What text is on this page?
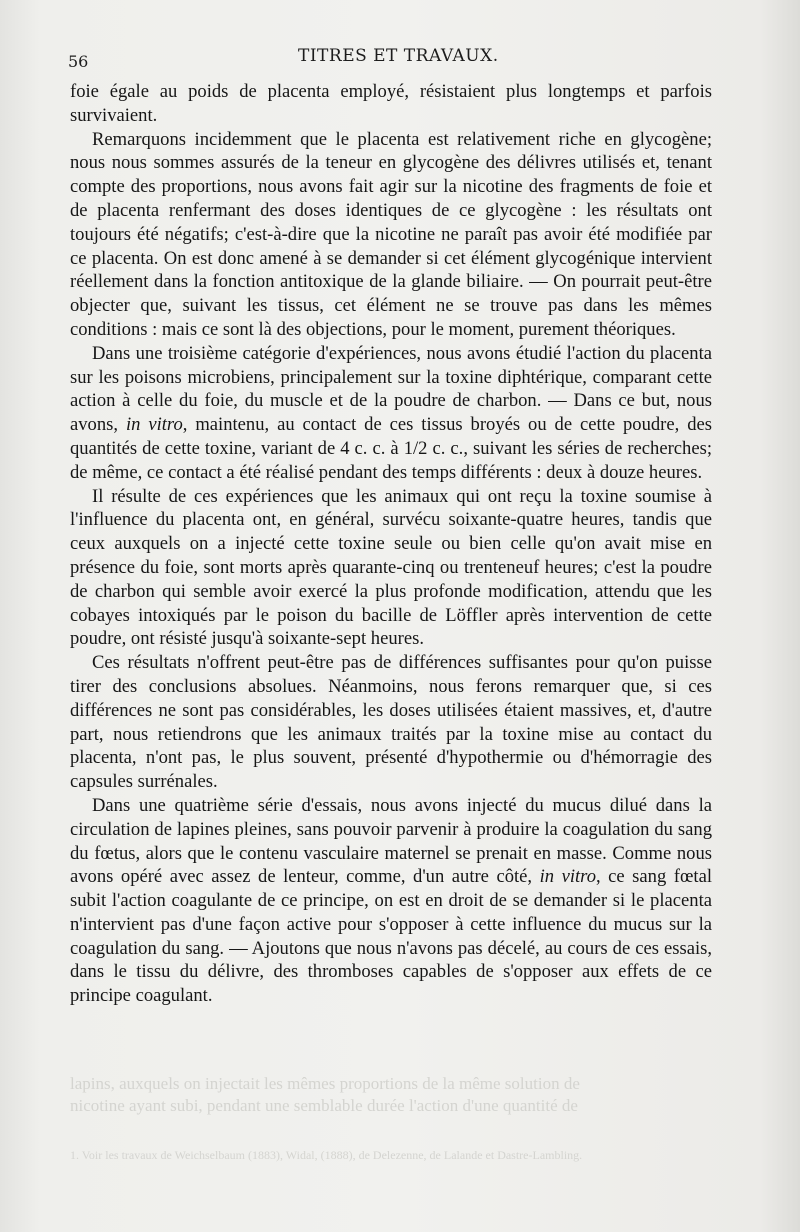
56	TITRES ET TRAVAUX.

foie égale au poids de placenta employé, résistaient plus longtemps et parfois survivaient.

Remarquons incidemment que le placenta est relativement riche en glycogène; nous nous sommes assurés de la teneur en glycogène des délivres utilisés et, tenant compte des proportions, nous avons fait agir sur la nicotine des fragments de foie et de placenta renfermant des doses identiques de ce glycogène : les résultats ont toujours été négatifs; c'est-à-dire que la nicotine ne paraît pas avoir été modifiée par ce placenta. On est donc amené à se demander si cet élément glycogénique intervient réellement dans la fonction antitoxique de la glande biliaire. — On pourrait peut-être objecter que, suivant les tissus, cet élément ne se trouve pas dans les mêmes conditions : mais ce sont là des objections, pour le moment, purement théoriques.

Dans une troisième catégorie d'expériences, nous avons étudié l'action du placenta sur les poisons microbiens, principalement sur la toxine diphtérique, comparant cette action à celle du foie, du muscle et de la poudre de charbon. — Dans ce but, nous avons, in vitro, maintenu, au contact de ces tissus broyés ou de cette poudre, des quantités de cette toxine, variant de 4 c. c. à 1/2 c. c., suivant les séries de recherches; de même, ce contact a été réalisé pendant des temps différents : deux à douze heures.

Il résulte de ces expériences que les animaux qui ont reçu la toxine soumise à l'influence du placenta ont, en général, survécu soixante-quatre heures, tandis que ceux auxquels on a injecté cette toxine seule ou bien celle qu'on avait mise en présence du foie, sont morts après quarante-cinq ou trenteneuf heures; c'est la poudre de charbon qui semble avoir exercé la plus profonde modification, attendu que les cobayes intoxiqués par le poison du bacille de Löffler après intervention de cette poudre, ont résisté jusqu'à soixante-sept heures.

Ces résultats n'offrent peut-être pas de différences suffisantes pour qu'on puisse tirer des conclusions absolues. Néanmoins, nous ferons remarquer que, si ces différences ne sont pas considérables, les doses utilisées étaient massives, et, d'autre part, nous retiendrons que les animaux traités par la toxine mise au contact du placenta, n'ont pas, le plus souvent, présenté d'hypothermie ou d'hémorragie des capsules surrénales.

Dans une quatrième série d'essais, nous avons injecté du mucus dilué dans la circulation de lapines pleines, sans pouvoir parvenir à produire la coagulation du sang du fœtus, alors que le contenu vasculaire maternel se prenait en masse. Comme nous avons opéré avec assez de lenteur, comme, d'un autre côté, in vitro, ce sang fœtal subit l'action coagulante de ce principe, on est en droit de se demander si le placenta n'intervient pas d'une façon active pour s'opposer à cette influence du mucus sur la coagulation du sang. — Ajoutons que nous n'avons pas décelé, au cours de ces essais, dans le tissu du délivre, des thromboses capables de s'opposer aux effets de ce principe coagulant.

lapins, auxquels on injectait les mêmes proportions de la même solution de
nicotine ayant subi, pendant une semblable durée l'action d'une quantité de
1. Voir les travaux de Weichselbaum (1883), Widal, (1888), de Delezenne, de Lalande et Dastre-Lambling.
